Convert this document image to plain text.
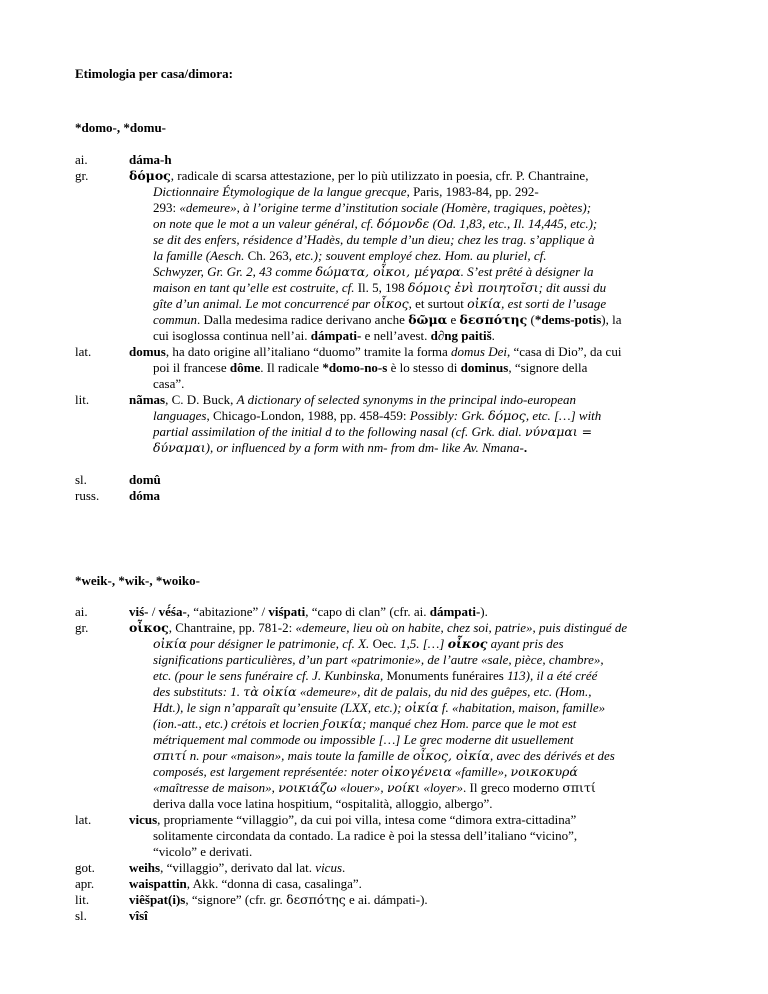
Etimologia per casa/dimora:
*domo-, *domu-
ai.	dáma-h
gr.	δόμος, radicale di scarsa attestazione, per lo più utilizzato in poesia, cfr. P. Chantraine,
Dictionnaire Étymologique de la langue grecque, Paris, 1983-84, pp. 292-
293: «demeure», à l’origine terme d’institution sociale (Homère, tragiques, poètes);
on note que le mot a un valeur général, cf. δόμονδε (Od. 1,83, etc., Il. 14,445, etc.);
se dit des enfers, résidence d’Hadès, du temple d’un dieu; chez les trag. s’applique à
la famille (Aesch. Ch. 263, etc.); souvent employé chez. Hom. au pluriel, cf.
Schwyzer, Gr. Gr. 2, 43 comme δώματα, οἶκοι, μέγαρα. S’est prêté à désigner la
maison en tant qu’elle est costruite, cf. Il. 5, 198 δόμοις ἐνὶ ποιητοῖσι; dit aussi du
gîte d’un animal. Le mot concurrencé par οἶκος, et surtout οἰκία, est sorti de l’usage
commun. Dalla medesima radice derivano anche δῶμα e δεσπότης (*dems-potis), la
cui isoglossa continua nell’ai. dámpati- e nell’avest. d∂ng paitiš.
lat.	domus, ha dato origine all’italiano “duomo” tramite la forma domus Dei, “casa di Dio”, da cui
poi il francese dôme. Il radicale *domo-no-s è lo stesso di dominus, “signore della
casa”.
lit.	nãmas, C. D. Buck, A dictionary of selected synonyms in the principal indo-european
languages, Chicago-London, 1988, pp. 458-459: Possibly: Grk. δόμος, etc. […] with
partial assimilation of the initial d to the following nasal (cf. Grk. dial. νύναμαι =
δύναμαι), or influenced by a form with nm- from dm- like Av. Nmana-.
sl.	domû
russ.	dóma
*weik-, *wik-, *woiko-
ai.	viś- / vé́śa-, “abitazione” / viśpati, “capo di clan” (cfr. ai. dámpati-).
gr.	οἶκος, Chantraine, pp. 781-2: «demeure, lieu où on habite, chez soi, patrie», puis distingué de
οἰκία pour désigner le patrimonie, cf. X. Oec. 1,5. […] οἶκος ayant pris des
significations particulières, d’un part «patrimonie», de l’autre «sale, pièce, chambre»,
etc. (pour le sens funéraire cf. J. Kunbinska, Monuments funéraires 113), il a été créé
des substituts: 1. τὰ οἰκία «demeure», dit de palais, du nid des guêpes, etc. (Hom.,
Hdt.), le sign n’apparaît qu’ensuite (LXX, etc.); οἰκία f. «habitation, maison, famille»
(ion.-att., etc.) crétois et locrien ϝοικία; manqué chez Hom. parce que le mot est
métriquement mal commode ou impossible […] Le grec moderne dit usuellement
σπιτί n. pour «maison», mais toute la famille de οἶκος, οἰκία, avec des dérivés et des
composés, est largement représentée: noter οἰκογένεια «famille», νοικοκυρά
«maîtresse de maison», νοικιάζω «louer», νοίκι «loyer». Il greco moderno σπιτί
deriva dalla voce latina hospitium, “ospitalità, alloggio, albergo”.
lat.	vicus, propriamente “villaggio”, da cui poi villa, intesa come “dimora extra-cittadina”
solitamente circondata da contado. La radice è poi la stessa dell’italiano “vicino”,
“vicolo” e derivati.
got.	weihs, “villaggio”, derivato dal lat. vicus.
apr.	waispattin, Akk. “donna di casa, casalinga”.
lit.	viêšpat(i)s, “signore” (cfr. gr. δεσπότης e ai. dámpati-).
sl.	vîsî
